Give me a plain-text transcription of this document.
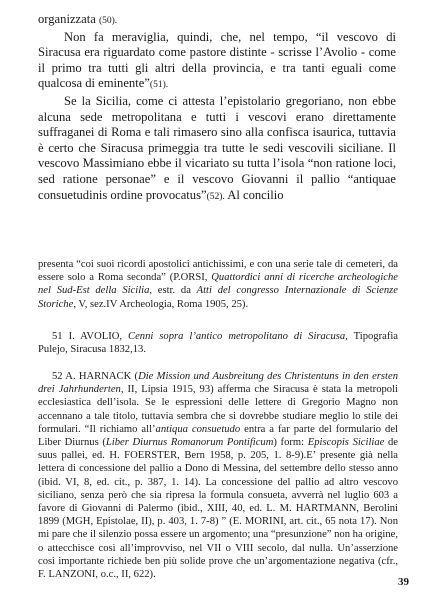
organizzata (50).

Non fa meraviglia, quindi, che, nel tempo, “il vescovo di Siracusa era riguardato come pastore distinte - scrisse l’Avolio - come il primo tra tutti gli altri della provincia, e tra tanti eguali come qualcosa di eminente”(51).

Se la Sicilia, come ci attesta l’epistolario gregoriano, non ebbe alcuna sede metropolitana e tutti i vescovi erano direttamente suffraganei di Roma e tali rimasero sino alla confisca isaurica, tuttavia è certo che Siracusa primeggia tra tutte le sedi vescovili siciliane. Il vescovo Massimiano ebbe il vicariato su tutta l’isola “non ratione loci, sed ratione personae” e il vescovo Giovanni il pallio “antiquae consuetudinis ordine provocatus”(52). Al concilio

presenta “coi suoi ricordi apostolici antichissimi, e con una serie tale di cemeteri, da essere solo a Roma seconda” (P.ORSI, Quattordici anni di ricerche archeologiche nel Sud-Est della Sicilia, estr. da Atti del congresso Internazionale di Scienze Storiche, V, sez.IV Archeologia, Roma 1905, 25).

51 I. AVOLIO, Cenni sopra l’antico metropolitano di Siracusa, Tipografia Pulejo, Siracusa 1832,13.

52 A. HARNACK (Die Mission und Ausbreitung des Christentuns in den ersten drei Jahrhunderten, II, Lipsia 1915, 93) afferma che Siracusa è stata la metropoli ecclesiastica dell’isola. Se le espressioni delle lettere di Gregorio Magno non accennano a tale titolo, tuttavia sembra che si dovrebbe studiare meglio lo stile dei formulari. “Il richiamo all’antiqua consuetudo entra a far parte del formulario del Liber Diurnus (Liber Diurnus Romanorum Pontificum) form: Episcopis Siciliae de suus pallei, ed. H. FOERSTER, Bern 1958, p. 205, 1. 8-9).E’ presente già nella lettera di concessione del pallio a Dono di Messina, del settembre dello stesso anno (ibid. VI, 8, ed. cit., p. 387, 1. 14). La concessione del pallio ad altro vescovo siciliano, senza però che sia ripresa la formula consueta, avverrà nel luglio 603 a favore di Giovanni di Palermo (ibid., XIII, 40, ed. L. M. HARTMANN, Berolini 1899 (MGH, Epistolae, II), p. 403, 1. 7-8) ” (E. MORINI, art. cit., 65 nota 17). Non mi pare che il silenzio possa essere un argomento; una “presunzione” non ha origine, o attecchisce così all’improvviso, nel VII o VIII secolo, dal nulla. Un’asserzione così importante richiede ben più solide prove che un’argomentazione negativa (cfr., F. LANZONI, o.c., II, 622).

39
